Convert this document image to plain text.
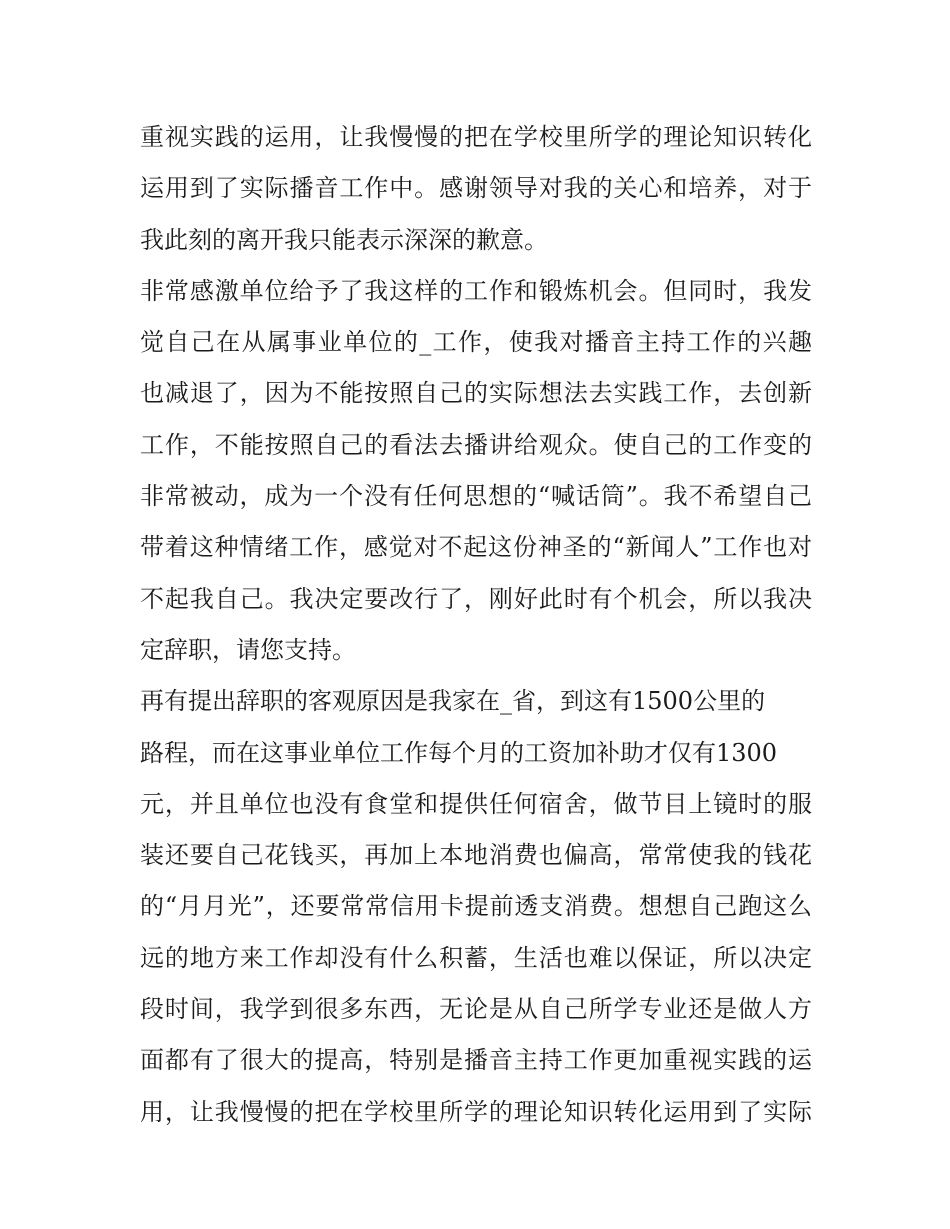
重视实践的运用，让我慢慢的把在学校里所学的理论知识转化
运用到了实际播音工作中。感谢领导对我的关心和培养，对于
我此刻的离开我只能表示深深的歉意。
非常感激单位给予了我这样的工作和锻炼机会。但同时，我发
觉自己在从属事业单位的_工作，使我对播音主持工作的兴趣
也减退了，因为不能按照自己的实际想法去实践工作，去创新
工作，不能按照自己的看法去播讲给观众。使自己的工作变的
非常被动，成为一个没有任何思想的“喊话筒”。我不希望自己
带着这种情绪工作，感觉对不起这份神圣的“新闻人”工作也对
不起我自己。我决定要改行了，刚好此时有个机会，所以我决
定辞职，请您支持。
再有提出辞职的客观原因是我家在_省，到这有1500公里的
路程，而在这事业单位工作每个月的工资加补助才仅有1300
元，并且单位也没有食堂和提供任何宿舍，做节目上镜时的服
装还要自己花钱买，再加上本地消费也偏高，常常使我的钱花
的“月月光”，还要常常信用卡提前透支消费。想想自己跑这么
远的地方来工作却没有什么积蓄，生活也难以保证，所以决定
段时间，我学到很多东西，无论是从自己所学专业还是做人方
面都有了很大的提高，特别是播音主持工作更加重视实践的运
用，让我慢慢的把在学校里所学的理论知识转化运用到了实际
